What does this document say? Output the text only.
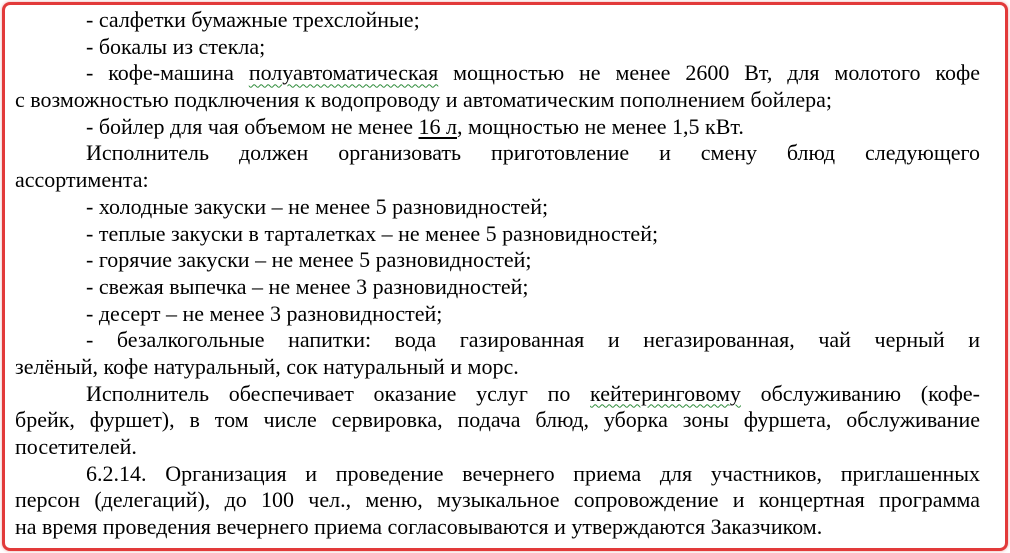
- салфетки бумажные трехслойные;
- бокалы из стекла;
- кофе-машина полуавтоматическая мощностью не менее 2600 Вт, для молотого кофе
с возможностью подключения к водопроводу и автоматическим пополнением бойлера;
- бойлер для чая объемом не менее 16 л, мощностью не менее 1,5 кВт.
Исполнитель должен организовать приготовление и смену блюд следующего
ассортимента:
- холодные закуски – не менее 5 разновидностей;
- теплые закуски в тарталетках – не менее 5 разновидностей;
- горячие закуски – не менее 5 разновидностей;
- свежая выпечка – не менее 3 разновидностей;
- десерт – не менее 3 разновидностей;
- безалкогольные напитки: вода газированная и негазированная, чай черный и
зелёный, кофе натуральный, сок натуральный и морс.
Исполнитель обеспечивает оказание услуг по кейтеринговому обслуживанию (кофе-
брейк, фуршет), в том числе сервировка, подача блюд, уборка зоны фуршета, обслуживание
посетителей.
6.2.14. Организация и проведение вечернего приема для участников, приглашенных
персон (делегаций), до 100 чел., меню, музыкальное сопровождение и концертная программа
на время проведения вечернего приема согласовываются и утверждаются Заказчиком.
